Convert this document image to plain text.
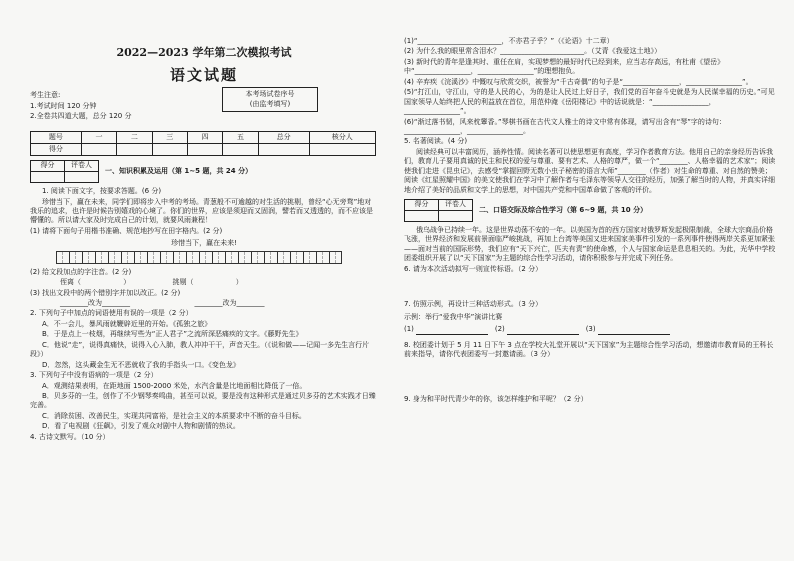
2022—2023 学年第二次模拟考试
语文试题

考生注意:

1.考试时间 120 分钟

2.全卷共四道大题，总分 120 分

本考场试卷序号
(由监考填写)
题号	一	二	三	四	五	总分	核分人
得分							
得分	评卷人

一、知识积累及运用（第 1~5 题，共 24 分）

1. 阅读下面文字，按要求答题。(6 分)

珍惜当下，赢在未来，同学们即将步入中考的考场。青葱般不可逾越的对生活的挑剔，曾经“心无旁骛”地对我乐的追求，也许是时候告别嬉戏的心境了。你们的世界，应该是须迎而又固润，譬若而又透透的，而不应该是懵懂的。所以请大家及时完成自己的计划，就要风雨兼程！

(1) 请将下面句子用楷书准确、规范地抄写在田字格内。(2 分)

珍惜当下，赢在未来!

(2) 给文段加点的字注音。(2 分)

侄离（ ）	挑剔（ ）

(3) 找出文段中的两个错别字并加以改正。(2 分)

________改为________	________改为________

2. 下列句子中加点的词语使用有误的一项是（2 分）

A．不一会儿，暴风雨就鞭辟近里的开始。《孤独之旅》

B．于是点上一枝烟，再继续写些为“正人君子”之流所深恶痛疾的文字。《藤野先生》

C．他说“走”，说得真痛快，说得入心入肺，教人冲冲干干，声音天生。（《说和做——记闻一多先生言行片段》）

D．忽然，这头藏金生无不恶就收了我的手指头一口。《变色龙》

3. 下列句子中没有语病的一项是（2 分）

A．观测结果表明，在距地面 1500-2000 米处，水汽含量是比地面相比降低了一倍。

B．贝多芬的一生，创作了不少钢琴奏鸣曲，甚至可以说，要是没有这种形式是通过贝多芬的艺术实践才日臻完善。

C．消除贫困、改善民生，实现共同富裕，是社会主义的本质要求中不断的奋斗目标。

D．看了电视剧《狂飙》，引发了观众对剧中人物和剧情的热议。

4. 古诗文默写。（10 分）

(1)“________________________，不亦君子乎？”（《论语》十二章）

(2) 为什么我的眼里常含泪水？________________________。（艾青《我爱这土地》）

(3) 新时代的青年是逢其时、重任在肩，实现梦想的最好时代已经到来，应当志存高远，有杜甫《望岳》中“________________，________________”的理想抱负。

(4) 辛弃疾《浣溪沙》中慨叹与欣赏交织，被誉为“千古奇偶”的句子是“________________，________________”。

(5)“打江山，守江山，守的是人民的心，为的是让人民过上好日子，我们党的百年奋斗史就是为人民谋幸福的历史。”可见国家领导人始终把人民的利益放在首位，用范仲淹《岳阳楼记》中的话说就是：“________________，________________”。

(6)“渐过落书韧，风来枕簟香。”琴棋书画在古代文人雅士的诗文中常有体现，请写出含有“琴”字的诗句：________________，________________。

5. 名著阅读。(4 分)

阅读经典可以丰富阅历，涵养性情。阅读名著可以使思想更有高度，学习作者教育方法。他用自己的亲身经历告诉我们，教育儿子要用真诚的民主和民权的爱与尊重、要有艺术、人格的尊严，做一个“________、人格幸福的艺术家”；阅读使我们走进《昆虫记》，去感受“掌握回野无数小虫子秘密的语言大师”________（作者）对生命的尊重、对自然的赞美；阅读《红星照耀中国》的美文使我们在学习中了解作者与毛泽东等领导人交往的经历，加强了解当时的人物，并真实详细地介绍了美好的品质和文学上的思想，对中国共产党和中国革命做了客观的评价。

得分	评卷人

二、口语交际及综合性学习（第 6~9 题，共 10 分）

俄乌战争已持续一年。这是世界动荡不安的一年。以美国为首的西方国家对俄罗斯发起极限制裁，全球大宗商品价格飞涨，世界经济和发展前景面临严峻挑战，再加上台湾等美国又进来国家美事件引发的一系列事件使得两岸关系更加紧张——面对当前的国际形势，我们应有“天下兴亡，匹夫有责”的使命感，个人与国家命运是息息相关的。为此，光华中学校团委组织开展了以“天下国家”为主题的综合性学习活动，请你积极参与并完成下列任务。

6. 请为本次活动拟写一则宣传标语。（2 分）

7. 仿照示例，再设计三种活动形式。（3 分）

示例：举行“爱我中华”演讲比赛

(1)	(2)	(3)

8. 校团委计划于 5 月 11 日下午 3 点在学校大礼堂开展以“天下国家”为主题综合性学习活动，想邀请市教育局的王科长前来指导，请你代表团委写一封邀请函。（3 分）

9. 身为和平时代青少年的你，该怎样维护和平呢？（2 分）
